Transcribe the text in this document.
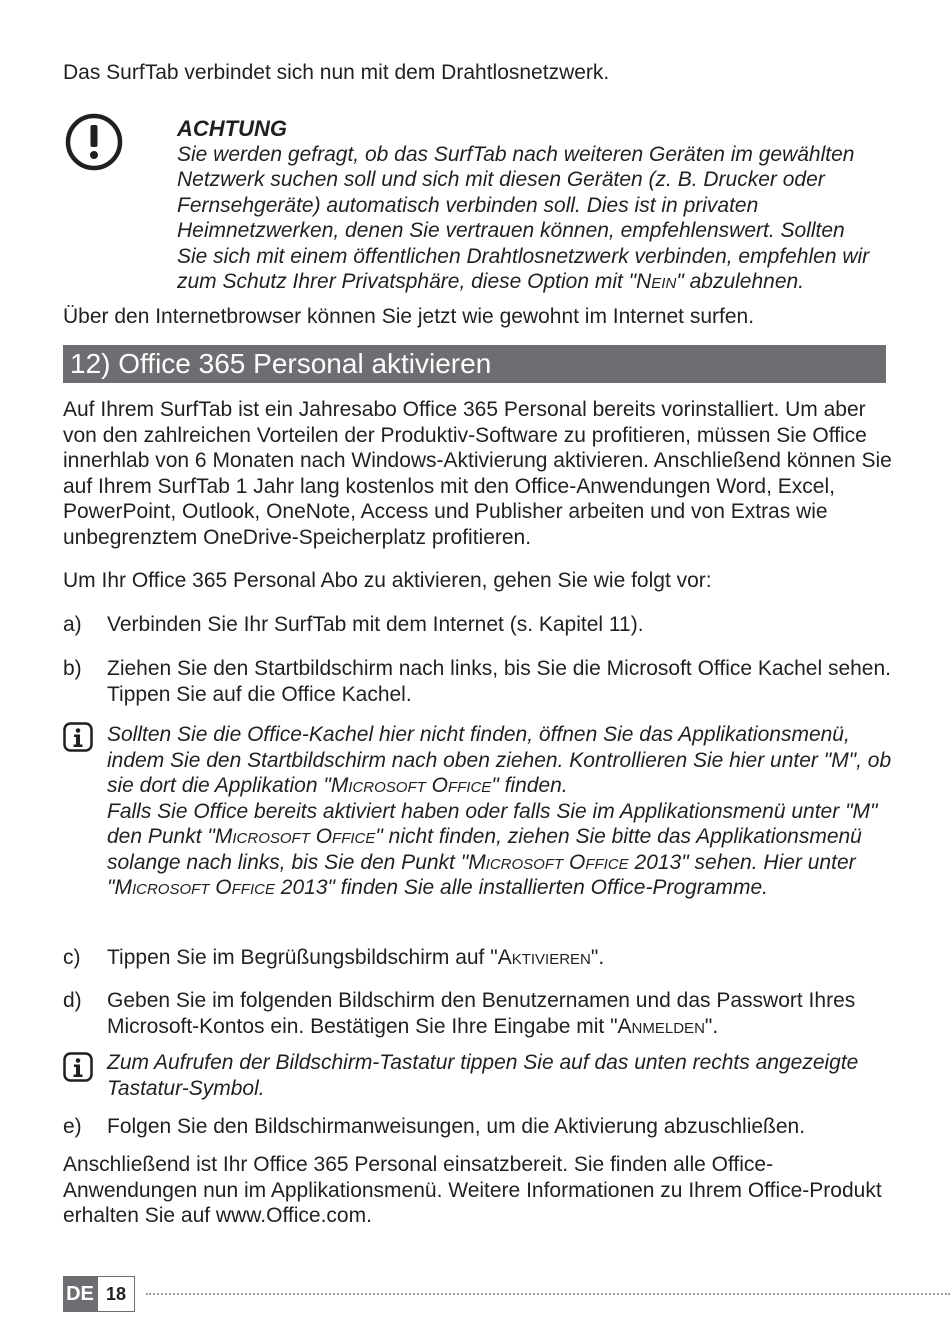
Das SurfTab verbindet sich nun mit dem Drahtlosnetzwerk.
ACHTUNG
Sie werden gefragt, ob das SurfTab nach weiteren Geräten im gewählten Netzwerk suchen soll und sich mit diesen Geräten (z. B. Drucker oder Fernsehgeräte) automatisch verbinden soll. Dies ist in privaten Heimnetzwerken, denen Sie vertrauen können, empfehlenswert. Sollten Sie sich mit einem öffentlichen Drahtlosnetzwerk verbinden, empfehlen wir zum Schutz Ihrer Privatsphäre, diese Option mit "Nein" abzulehnen.
Über den Internetbrowser können Sie jetzt wie gewohnt im Internet surfen.
12) Office 365 Personal aktivieren
Auf Ihrem SurfTab ist ein Jahresabo Office 365 Personal bereits vorinstalliert. Um aber von den zahlreichen Vorteilen der Produktiv-Software zu profitieren, müssen Sie Office innerhlab von 6 Monaten nach Windows-Aktivierung aktivieren. Anschließend können Sie auf Ihrem SurfTab 1 Jahr lang kostenlos mit den Office-Anwendungen Word, Excel, PowerPoint, Outlook, OneNote, Access und Publisher arbeiten und von Extras wie unbegrenztem OneDrive-Speicherplatz profitieren.
Um Ihr Office 365 Personal Abo zu aktivieren, gehen Sie wie folgt vor:
a)	Verbinden Sie Ihr SurfTab mit dem Internet (s. Kapitel 11).
b)	Ziehen Sie den Startbildschirm nach links, bis Sie die Microsoft Office Kachel sehen. Tippen Sie auf die Office Kachel.
Sollten Sie die Office-Kachel hier nicht finden, öffnen Sie das Applikationsmenü, indem Sie den Startbildschirm nach oben ziehen. Kontrollieren Sie hier unter "M", ob sie dort die Applikation "Microsoft Office" finden.
Falls Sie Office bereits aktiviert haben oder falls Sie im Applikationsmenü unter "M" den Punkt "Microsoft Office" nicht finden, ziehen Sie bitte das Applikationsmenü solange nach links, bis Sie den Punkt "Microsoft Office 2013" sehen. Hier unter "Microsoft Office 2013" finden Sie alle installierten Office-Programme.
c)	Tippen Sie im Begrüßungsbildschirm auf "Aktivieren".
d)	Geben Sie im folgenden Bildschirm den Benutzernamen und das Passwort Ihres Microsoft-Kontos ein. Bestätigen Sie Ihre Eingabe mit "Anmelden".
Zum Aufrufen der Bildschirm-Tastatur tippen Sie auf das unten rechts angezeigte Tastatur-Symbol.
e)	Folgen Sie den Bildschirmanweisungen, um die Aktivierung abzuschließen.
Anschließend ist Ihr Office 365 Personal einsatzbereit. Sie finden alle Office-Anwendungen nun im Applikationsmenü. Weitere Informationen zu Ihrem Office-Produkt erhalten Sie auf www.Office.com.
DE 18
